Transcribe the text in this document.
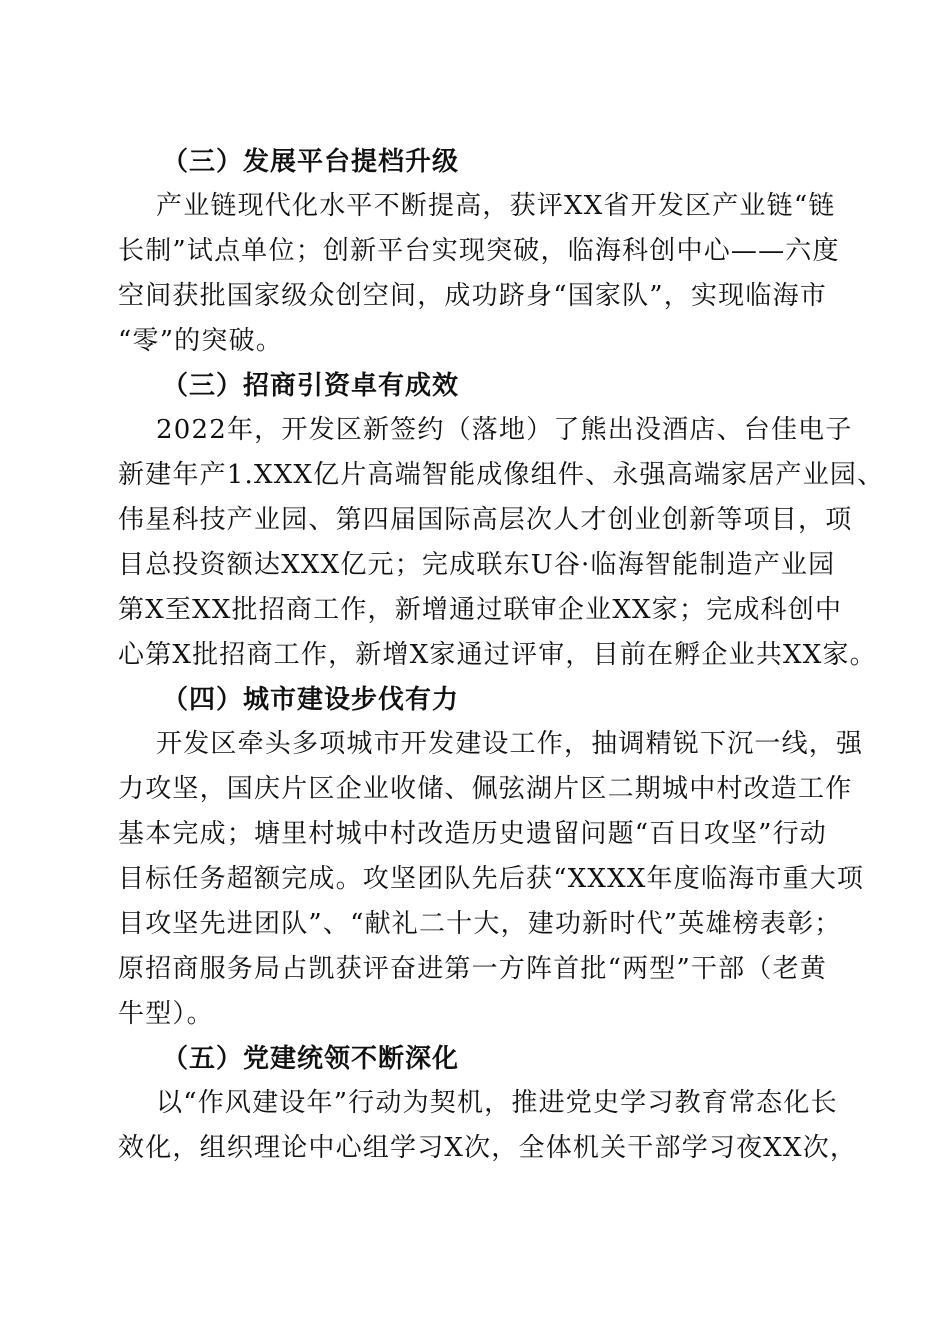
（三）发展平台提档升级

产业链现代化水平不断提高，获评XX省开发区产业链“链
长制”试点单位；创新平台实现突破，临海科创中心——六度
空间获批国家级众创空间，成功跻身“国家队”，实现临海市
“零”的突破。

（三）招商引资卓有成效

2022年，开发区新签约（落地）了熊出没酒店、台佳电子
新建年产1.XXX亿片高端智能成像组件、永强高端家居产业园、
伟星科技产业园、第四届国际高层次人才创业创新等项目，项
目总投资额达XXX亿元；完成联东U谷·临海智能制造产业园
第X至XX批招商工作，新增通过联审企业XX家；完成科创中
心第X批招商工作，新增X家通过评审，目前在孵企业共XX家。

（四）城市建设步伐有力

开发区牵头多项城市开发建设工作，抽调精锐下沉一线，强
力攻坚，国庆片区企业收储、佩弦湖片区二期城中村改造工作
基本完成；塘里村城中村改造历史遗留问题“百日攻坚”行动
目标任务超额完成。攻坚团队先后获“XXXX年度临海市重大项
目攻坚先进团队”、“献礼二十大，建功新时代”英雄榜表彰；
原招商服务局占凯获评奋进第一方阵首批“两型”干部（老黄
牛型）。

（五）党建统领不断深化

以“作风建设年”行动为契机，推进党史学习教育常态化长
效化，组织理论中心组学习X次，全体机关干部学习夜XX次，
